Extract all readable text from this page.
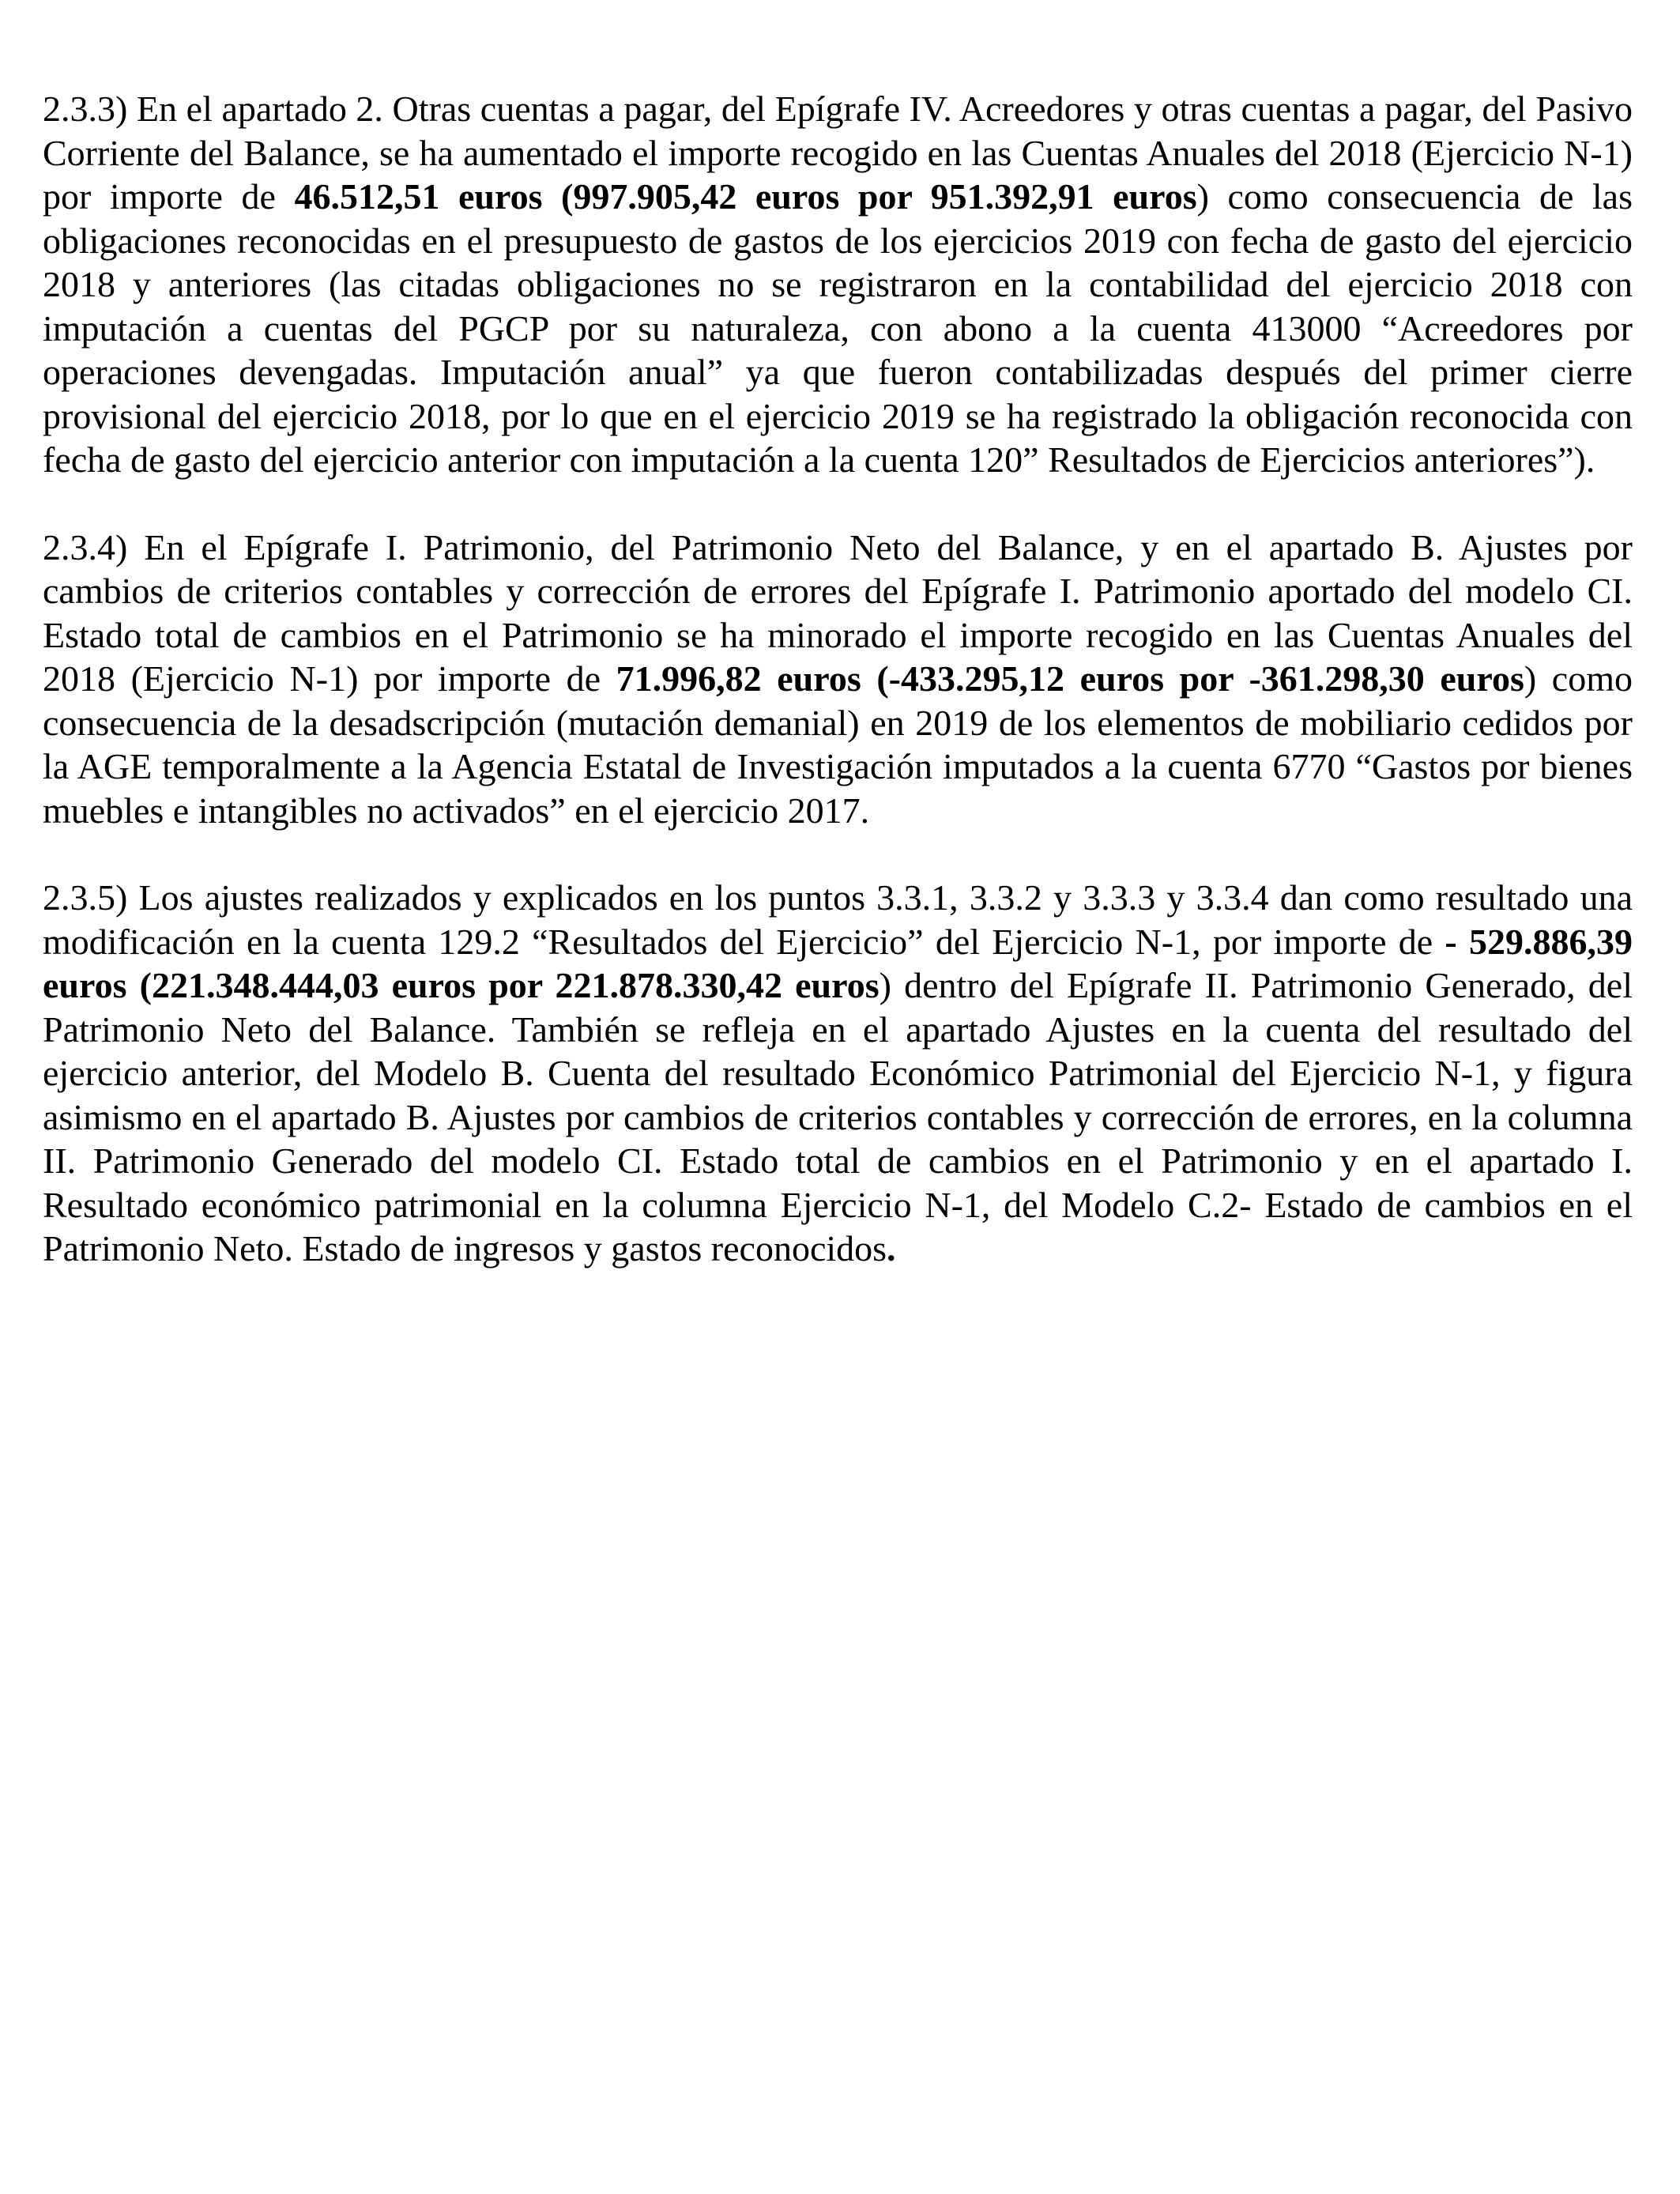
2.3.3) En el apartado 2. Otras cuentas a pagar, del Epígrafe IV. Acreedores y otras cuentas a pagar, del Pasivo Corriente del Balance, se ha aumentado el importe recogido en las Cuentas Anuales del 2018 (Ejercicio N-1) por importe de 46.512,51 euros (997.905,42 euros por 951.392,91 euros) como consecuencia de las obligaciones reconocidas en el presupuesto de gastos de los ejercicios 2019 con fecha de gasto del ejercicio 2018 y anteriores (las citadas obligaciones no se registraron en la contabilidad del ejercicio 2018 con imputación a cuentas del PGCP por su naturaleza, con abono a la cuenta 413000 “Acreedores por operaciones devengadas. Imputación anual” ya que fueron contabilizadas después del primer cierre provisional del ejercicio 2018, por lo que en el ejercicio 2019 se ha registrado la obligación reconocida con fecha de gasto del ejercicio anterior con imputación a la cuenta 120” Resultados de Ejercicios anteriores”).

2.3.4) En el Epígrafe I. Patrimonio, del Patrimonio Neto del Balance, y en el apartado B. Ajustes por cambios de criterios contables y corrección de errores del Epígrafe I. Patrimonio aportado del modelo CI. Estado total de cambios en el Patrimonio se ha minorado el importe recogido en las Cuentas Anuales del 2018 (Ejercicio N-1) por importe de 71.996,82 euros (-433.295,12 euros por -361.298,30 euros) como consecuencia de la desadscripción (mutación demanial) en 2019 de los elementos de mobiliario cedidos por la AGE temporalmente a la Agencia Estatal de Investigación imputados a la cuenta 6770 “Gastos por bienes muebles e intangibles no activados” en el ejercicio 2017.

2.3.5) Los ajustes realizados y explicados en los puntos 3.3.1, 3.3.2 y 3.3.3 y 3.3.4 dan como resultado una modificación en la cuenta 129.2 “Resultados del Ejercicio” del Ejercicio N-1, por importe de - 529.886,39 euros (221.348.444,03 euros por 221.878.330,42 euros) dentro del Epígrafe II. Patrimonio Generado, del Patrimonio Neto del Balance. También se refleja en el apartado Ajustes en la cuenta del resultado del ejercicio anterior, del Modelo B. Cuenta del resultado Económico Patrimonial del Ejercicio N-1, y figura asimismo en el apartado B. Ajustes por cambios de criterios contables y corrección de errores, en la columna II. Patrimonio Generado del modelo CI. Estado total de cambios en el Patrimonio y en el apartado I. Resultado económico patrimonial en la columna Ejercicio N-1, del Modelo C.2- Estado de cambios en el Patrimonio Neto. Estado de ingresos y gastos reconocidos.
